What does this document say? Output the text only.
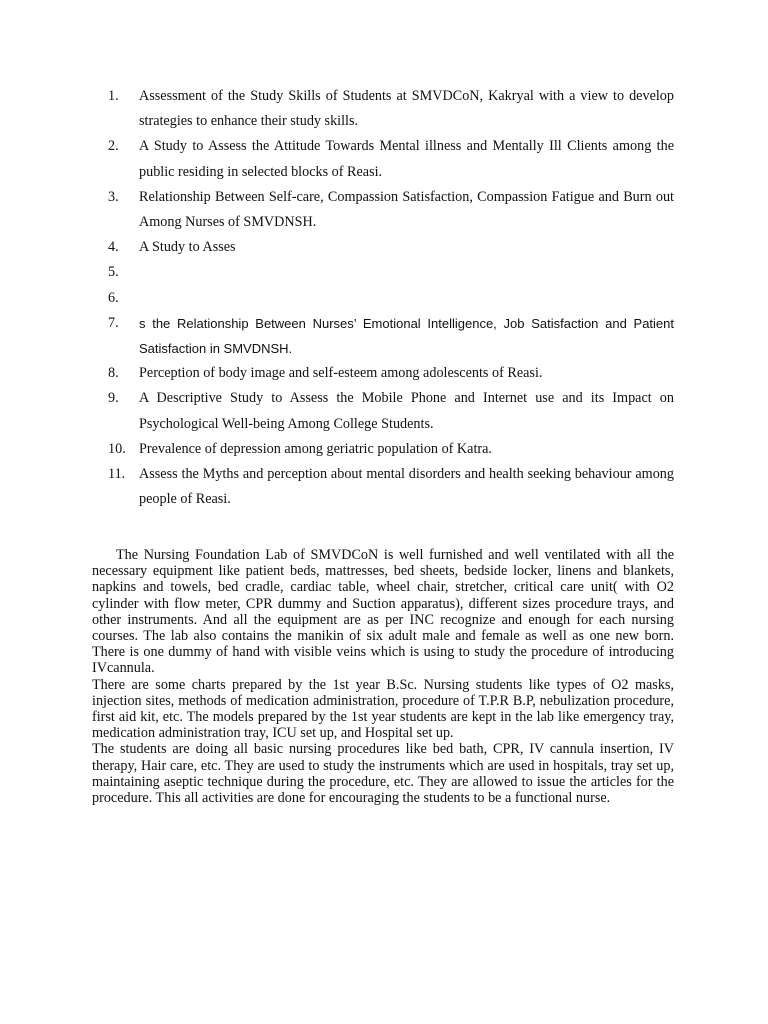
1.	Assessment of the Study Skills of Students at SMVDCoN, Kakryal with a view to develop strategies to enhance their study skills.
2.	A Study to Assess the Attitude Towards Mental illness and Mentally Ill Clients among the public residing in selected blocks of Reasi.
3.	Relationship Between Self-care, Compassion Satisfaction, Compassion Fatigue and Burn out Among Nurses of SMVDNSH.
4.	A Study to Asses
5.
6.
7.	s the Relationship Between Nurses’ Emotional Intelligence, Job Satisfaction and Patient Satisfaction in SMVDNSH.
8.	Perception of body image and self-esteem among adolescents of Reasi.
9.	A Descriptive Study to Assess the Mobile Phone and Internet use and its Impact on Psychological Well-being Among College Students.
10. Prevalence of depression among geriatric population of Katra.
11. Assess the Myths and perception about mental disorders and health seeking behaviour among people of Reasi.

The Nursing Foundation Lab of SMVDCoN is well furnished and well ventilated with all the necessary equipment like patient beds, mattresses, bed sheets, bedside locker, linens and blankets, napkins and towels, bed cradle, cardiac table, wheel chair, stretcher, critical care unit( with O2 cylinder with flow meter, CPR dummy and Suction apparatus), different sizes procedure trays, and other instruments. And all the equipment are as per INC recognize and enough for each nursing courses. The lab also contains the manikin of six adult male and female as well as one new born. There is one dummy of hand with visible veins which is using to study the procedure of introducing IVcannula.

There are some charts prepared by the 1st year B.Sc. Nursing students like types of O2 masks, injection sites, methods of medication administration, procedure of T.P.R B.P, nebulization procedure, first aid kit, etc. The models prepared by the 1st year students are kept in the lab like emergency tray, medication administration tray, ICU set up, and Hospital set up.

The students are doing all basic nursing procedures like bed bath, CPR, IV cannula insertion, IV therapy, Hair care, etc. They are used to study the instruments which are used in hospitals, tray set up, maintaining aseptic technique during the procedure, etc. They are allowed to issue the articles for the procedure. This all activities are done for encouraging the students to be a functional nurse.
